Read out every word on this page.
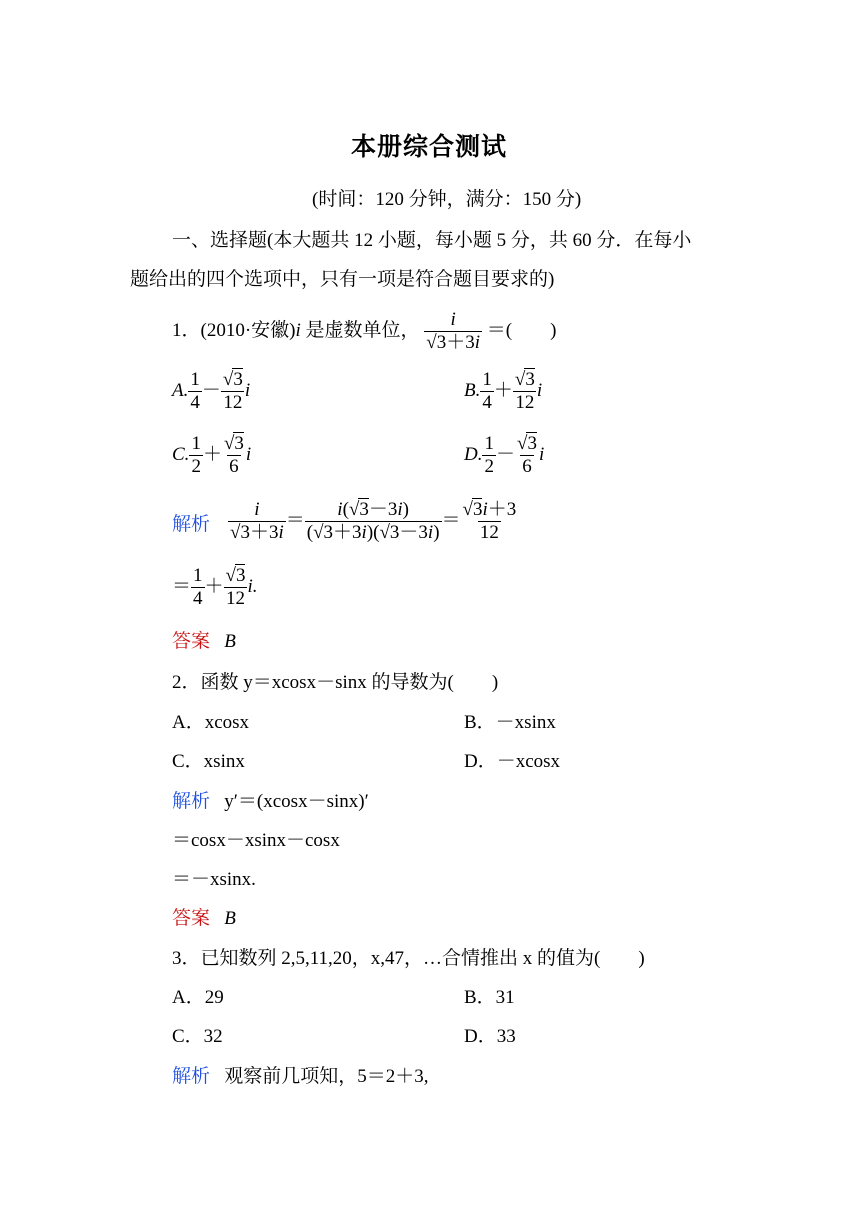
本册综合测试
(时间：120 分钟，满分：150 分)
一、选择题(本大题共 12 小题，每小题 5 分，共 60 分．在每小
题给出的四个选项中，只有一项是符合题目要求的)
1．(2010·安徽)i 是虚数单位， $\frac{i}{√3+3i}$ ＝(　　)
A. $\frac{1}{4} - \frac{√3}{12}$ i	B. $\frac{1}{4} + \frac{√3}{12}$ i
C. $\frac{1}{2} + \frac{√3}{6}$ i	D. $\frac{1}{2} - \frac{√3}{6}$ i
解析 $\frac{i}{√3+3i} = \frac{i(√3-3i)}{(√3+3i)(√3-3i)} = \frac{√3i+3}{12}$
＝ $\frac{1}{4} + \frac{√3}{12} i$.
答案 B
2．函数 y＝xcosx－sinx 的导数为(　　)
A．xcosx	B．－xsinx
C．xsinx	D．－xcosx
解析 y′＝(xcosx－sinx)′
＝cosx－xsinx－cosx
＝－xsinx.
答案 B
3．已知数列 2,5,11,20，x,47，…合情推出 x 的值为(　　)
A．29	B．31
C．32	D．33
解析 观察前几项知，5＝2＋3,
